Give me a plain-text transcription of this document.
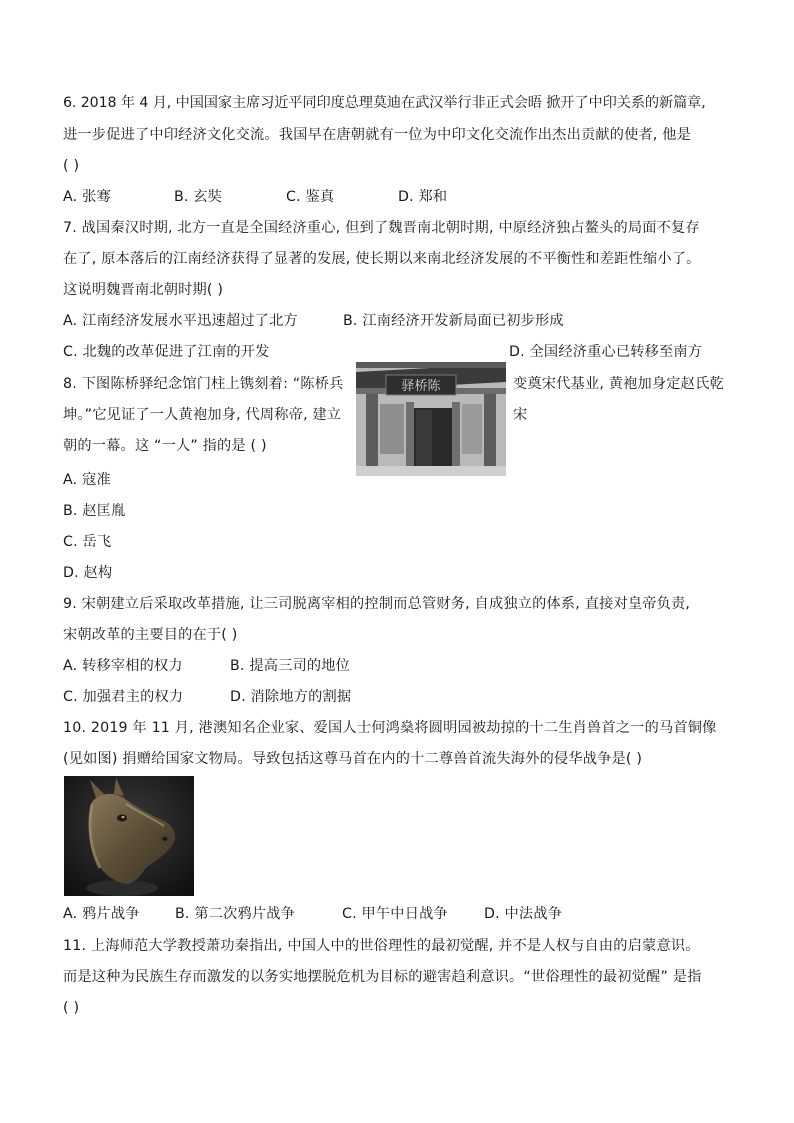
6. 2018 年 4 月, 中国国家主席习近平同印度总理莫迪在武汉举行非正式会晤 掀开了中印关系的新篇章,
进一步促进了中印经济文化交流。我国早在唐朝就有一位为中印文化交流作出杰出贡献的使者, 他是
( )
A. 张骞	B. 玄奘	C. 鉴真	D. 郑和
7. 战国秦汉时期, 北方一直是全国经济重心, 但到了魏晋南北朝时期, 中原经济独占鳌头的局面不复存
在了, 原本落后的江南经济获得了显著的发展, 使长期以来南北经济发展的不平衡性和差距性缩小了。
这说明魏晋南北朝时期( )
A. 江南经济发展水平迅速超过了北方	B. 江南经济开发新局面已初步形成
C. 北魏的改革促进了江南的开发	D. 全国经济重心已转移至南方
8. 下图陈桥驿纪念馆门柱上镌刻着: “陈桥兵	变奠宋代基业, 黄袍加身定赵氏乾
坤。”它见证了一人黄袍加身, 代周称帝, 建立	宋
朝的一幕。这 “一人” 指的是 ( )
驿桥陈
A. 寇准
B. 赵匡胤
C. 岳飞
D. 赵构
9. 宋朝建立后采取改革措施, 让三司脱离宰相的控制而总管财务, 自成独立的体系, 直接对皇帝负责,
宋朝改革的主要目的在于( )
A. 转移宰相的权力	B. 提高三司的地位
C. 加强君主的权力	D. 消除地方的割据
10. 2019 年 11 月, 港澳知名企业家、爱国人士何鸿燊将圆明园被劫掠的十二生肖兽首之一的马首铜像
(见如图) 捐赠给国家文物局。导致包括这尊马首在内的十二尊兽首流失海外的侵华战争是( )
A. 鸦片战争 B. 第二次鸦片战争	C. 甲午中日战争	D. 中法战争
11. 上海师范大学教授萧功秦指出, 中国人中的世俗理性的最初觉醒, 并不是人权与自由的启蒙意识。
而是这种为民族生存而激发的以务实地摆脱危机为目标的避害趋利意识。“世俗理性的最初觉醒” 是指
( )
